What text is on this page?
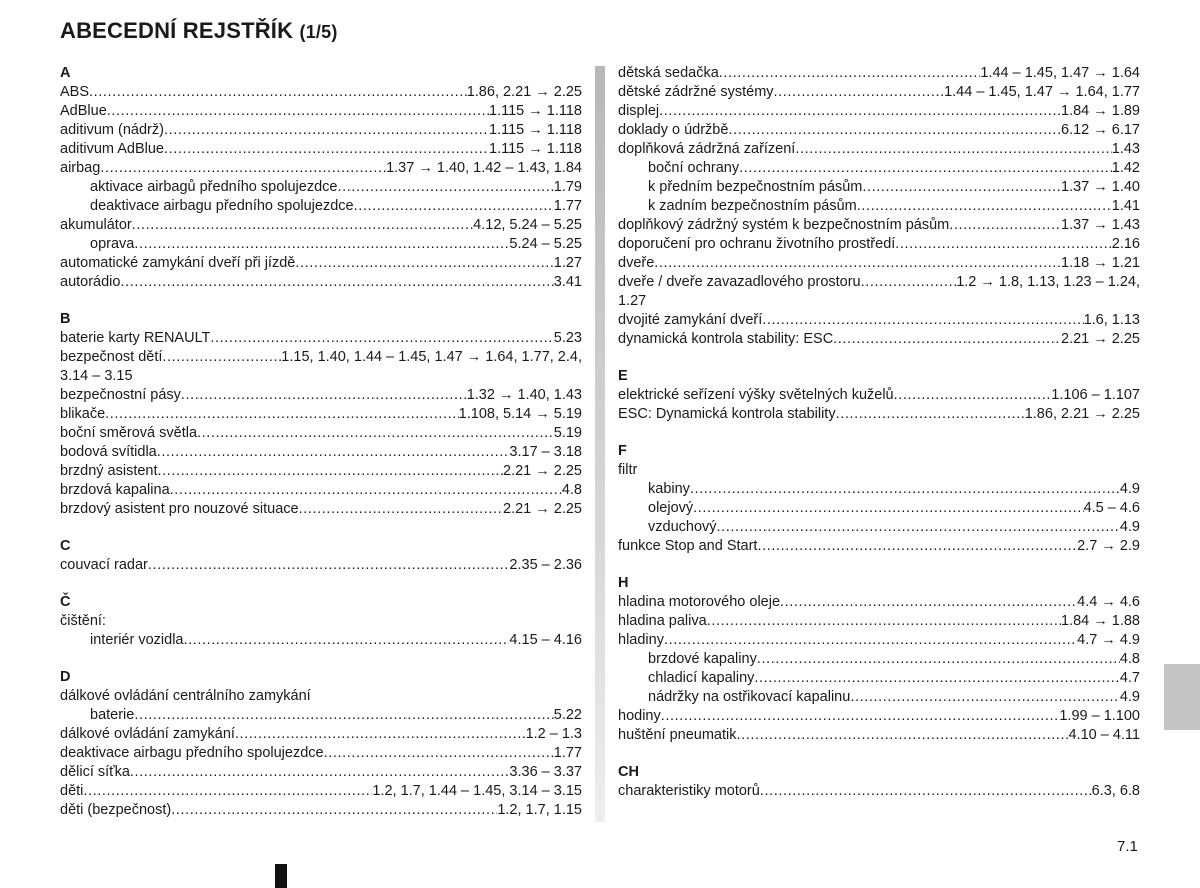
ABECEDNÍ REJSTŘÍK (1/5)
A
ABS .....	1.86, 2.21 → 2.25
AdBlue .....	1.115 → 1.118
aditivum (nádrž) .....	1.115 → 1.118
aditivum AdBlue .....	1.115 → 1.118
airbag .....	1.37 → 1.40, 1.42 – 1.43, 1.84
aktivace airbagů předního spolujezdce .....	1.79
deaktivace airbagu předního spolujezdce .....	1.77
akumulátor .....	4.12, 5.24 – 5.25
oprava .....	5.24 – 5.25
automatické zamykání dveří při jízdě .....	1.27
autorádio .....	3.41
B
baterie karty RENAULT .....	5.23
bezpečnost dětí .....	1.15, 1.40, 1.44 – 1.45, 1.47 → 1.64, 1.77, 2.4,
3.14 – 3.15
bezpečnostní pásy .....	1.32 → 1.40, 1.43
blikače .....	1.108, 5.14 → 5.19
boční směrová světla .....	5.19
bodová svítidla .....	3.17 – 3.18
brzdný asistent .....	2.21 → 2.25
brzdová kapalina .....	4.8
brzdový asistent pro nouzové situace .....	2.21 → 2.25
C
couvací radar .....	2.35 – 2.36
Č
čištění:
interiér vozidla .....	4.15 – 4.16
D
dálkové ovládání centrálního zamykání
baterie .....	5.22
dálkové ovládání zamykání .....	1.2 – 1.3
deaktivace airbagu předního spolujezdce .....	1.77
dělicí síťka .....	3.36 – 3.37
děti .....	1.2, 1.7, 1.44 – 1.45, 3.14 – 3.15
děti (bezpečnost) .....	1.2, 1.7, 1.15
dětská sedačka .....	1.44 – 1.45, 1.47 → 1.64
dětské zádržné systémy .....	1.44 – 1.45, 1.47 → 1.64, 1.77
displej .....	1.84 → 1.89
doklady o údržbě .....	6.12 → 6.17
doplňková zádržná zařízení .....	1.43
boční ochrany .....	1.42
k předním bezpečnostním pásům .....	1.37 → 1.40
k zadním bezpečnostním pásům .....	1.41
doplňkový zádržný systém k bezpečnostním pásům .....	1.37 → 1.43
doporučení pro ochranu životního prostředí .....	2.16
dveře .....	1.18 → 1.21
dveře / dveře zavazadlového prostoru .....	1.2 → 1.8, 1.13, 1.23 – 1.24,
1.27
dvojité zamykání dveří .....	1.6, 1.13
dynamická kontrola stability: ESC .....	2.21 → 2.25
E
elektrické seřízení výšky světelných kuželů .....	1.106 – 1.107
ESC: Dynamická kontrola stability .....	1.86, 2.21 → 2.25
F
filtr
kabiny .....	4.9
olejový .....	4.5 – 4.6
vzduchový .....	4.9
funkce Stop and Start .....	2.7 → 2.9
H
hladina motorového oleje .....	4.4 → 4.6
hladina paliva .....	1.84 → 1.88
hladiny .....	4.7 → 4.9
brzdové kapaliny .....	4.8
chladicí kapaliny .....	4.7
nádržky na ostřikovací kapalinu .....	4.9
hodiny .....	1.99 – 1.100
huštění pneumatik .....	4.10 – 4.11
CH
charakteristiky motorů .....	6.3, 6.8
7.1
